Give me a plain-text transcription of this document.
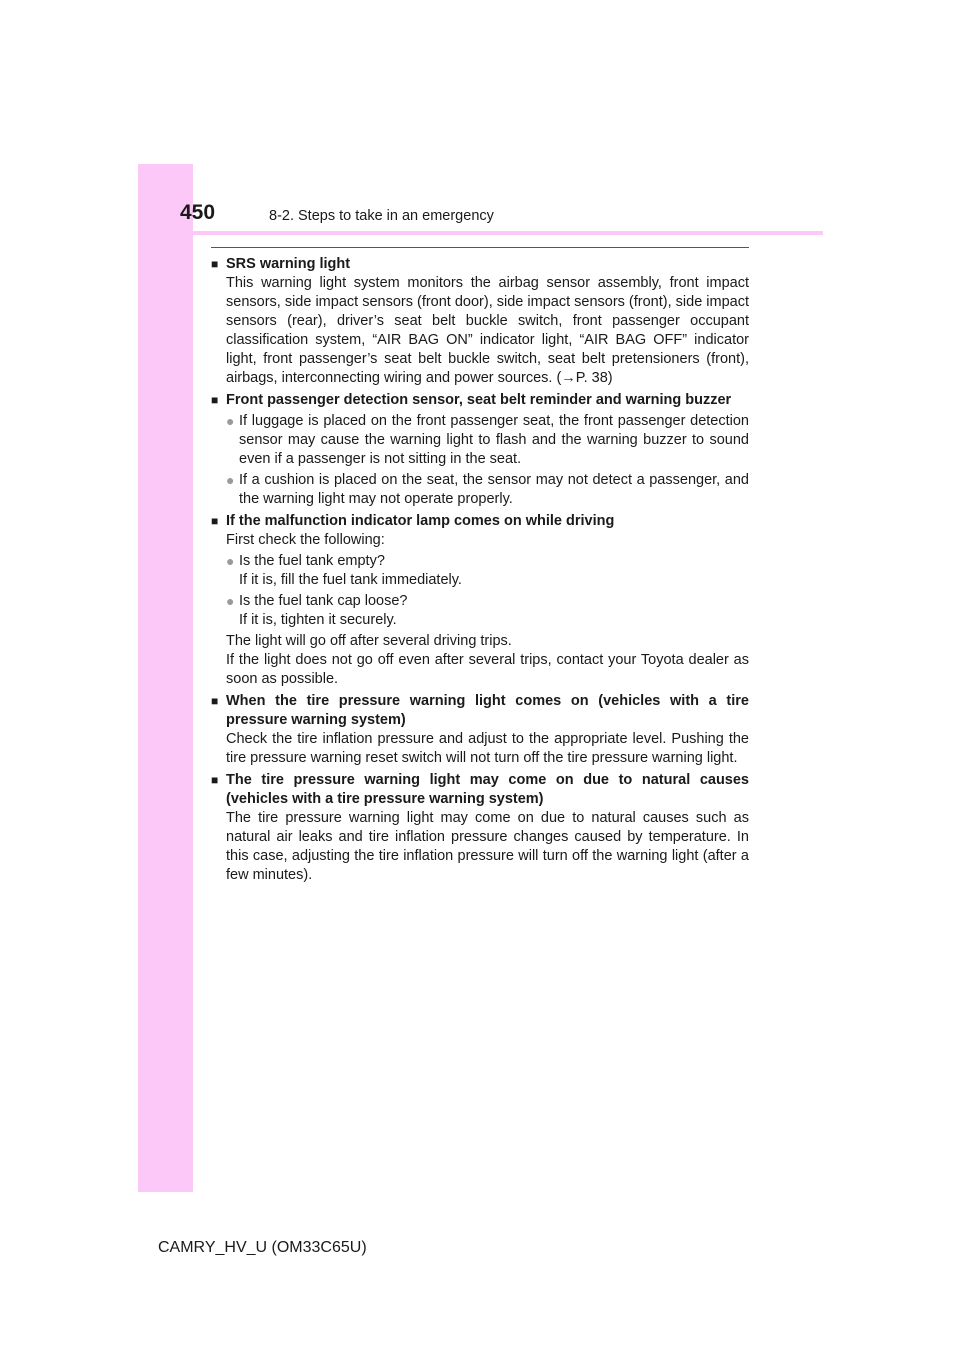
450	8-2. Steps to take in an emergency
■ SRS warning light
This warning light system monitors the airbag sensor assembly, front impact sensors, side impact sensors (front door), side impact sensors (front), side impact sensors (rear), driver’s seat belt buckle switch, front passenger occupant classification system, “AIR BAG ON” indicator light, “AIR BAG OFF” indicator light, front passenger’s seat belt buckle switch, seat belt pretensioners (front), airbags, interconnecting wiring and power sources. (→P. 38)
■ Front passenger detection sensor, seat belt reminder and warning buzzer
● If luggage is placed on the front passenger seat, the front passenger detection sensor may cause the warning light to flash and the warning buzzer to sound even if a passenger is not sitting in the seat.
● If a cushion is placed on the seat, the sensor may not detect a passenger, and the warning light may not operate properly.
■ If the malfunction indicator lamp comes on while driving
First check the following:
● Is the fuel tank empty?
If it is, fill the fuel tank immediately.
● Is the fuel tank cap loose?
If it is, tighten it securely.
The light will go off after several driving trips.
If the light does not go off even after several trips, contact your Toyota dealer as soon as possible.
■ When the tire pressure warning light comes on (vehicles with a tire pressure warning system)
Check the tire inflation pressure and adjust to the appropriate level. Pushing the tire pressure warning reset switch will not turn off the tire pressure warning light.
■ The tire pressure warning light may come on due to natural causes (vehicles with a tire pressure warning system)
The tire pressure warning light may come on due to natural causes such as natural air leaks and tire inflation pressure changes caused by temperature. In this case, adjusting the tire inflation pressure will turn off the warning light (after a few minutes).
CAMRY_HV_U (OM33C65U)
